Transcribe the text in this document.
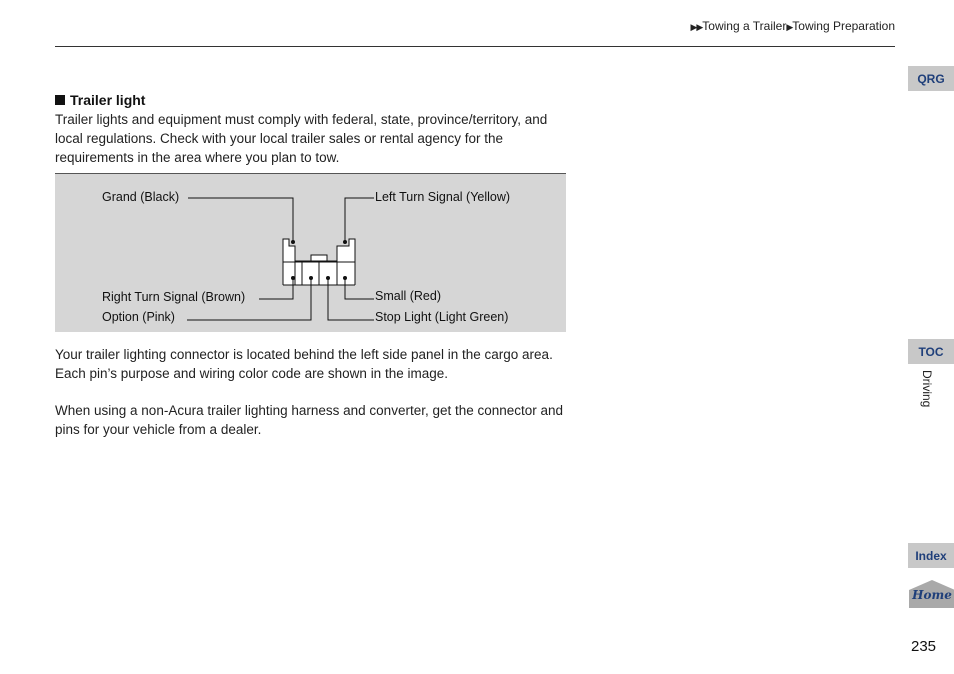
▶▶Towing a Trailer▶Towing Preparation
Trailer light
Trailer lights and equipment must comply with federal, state, province/territory, and local regulations. Check with your local trailer sales or rental agency for the requirements in the area where you plan to tow.
Grand (Black)	Left Turn Signal (Yellow)
Right Turn Signal (Brown)	Small (Red)
Option (Pink)	Stop Light (Light Green)
Your trailer lighting connector is located behind the left side panel in the cargo area. Each pin’s purpose and wiring color code are shown in the image.
When using a non-Acura trailer lighting harness and converter, get the connector and pins for your vehicle from a dealer.
QRG
TOC
Driving
Index
Home
235
